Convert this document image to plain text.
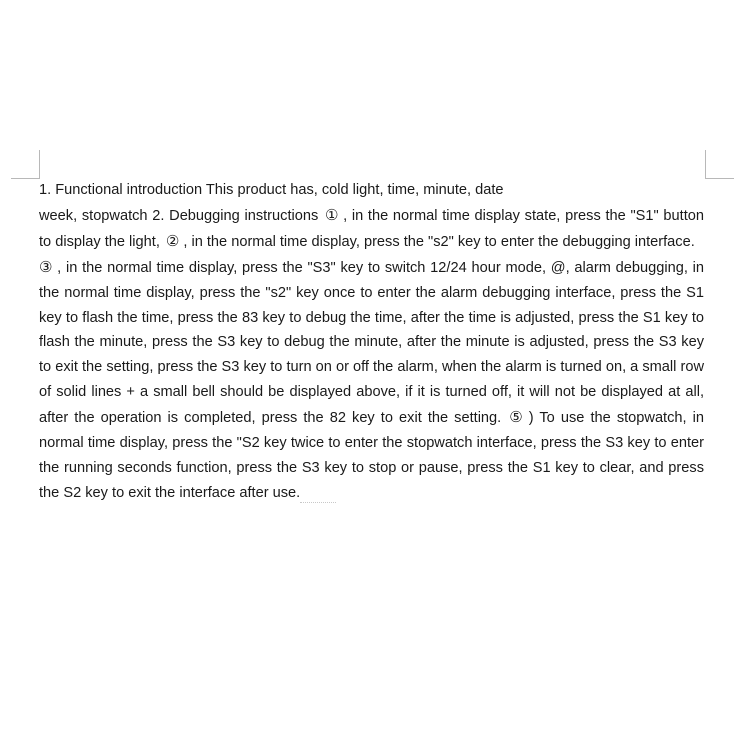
1. Functional introduction This product has, cold light, time, minute, date

week, stopwatch 2. Debugging instructions ① , in the normal time display state, press the "S1" button to display the light, ② , in the normal time display, press the "s2" key to enter the debugging interface.

③ , in the normal time display, press the "S3" key to switch 12/24 hour mode, @, alarm debugging, in the normal time display, press the "s2" key once to enter the alarm debugging interface, press the S1 key to flash the time, press the 83 key to debug the time, after the time is adjusted, press the S1 key to flash the minute, press the S3 key to debug the minute, after the minute is adjusted, press the S3 key to exit the setting, press the S3 key to turn on or off the alarm, when the alarm is turned on, a small row of solid lines + a small bell should be displayed above, if it is turned off, it will not be displayed at all, after the operation is completed, press the 82 key to exit the setting. ⑤ ) To use the stopwatch, in normal time display, press the "S2 key twice to enter the stopwatch interface, press the S3 key to enter the running seconds function, press the S3 key to stop or pause, press the S1 key to clear, and press the S2 key to exit the interface after use.
